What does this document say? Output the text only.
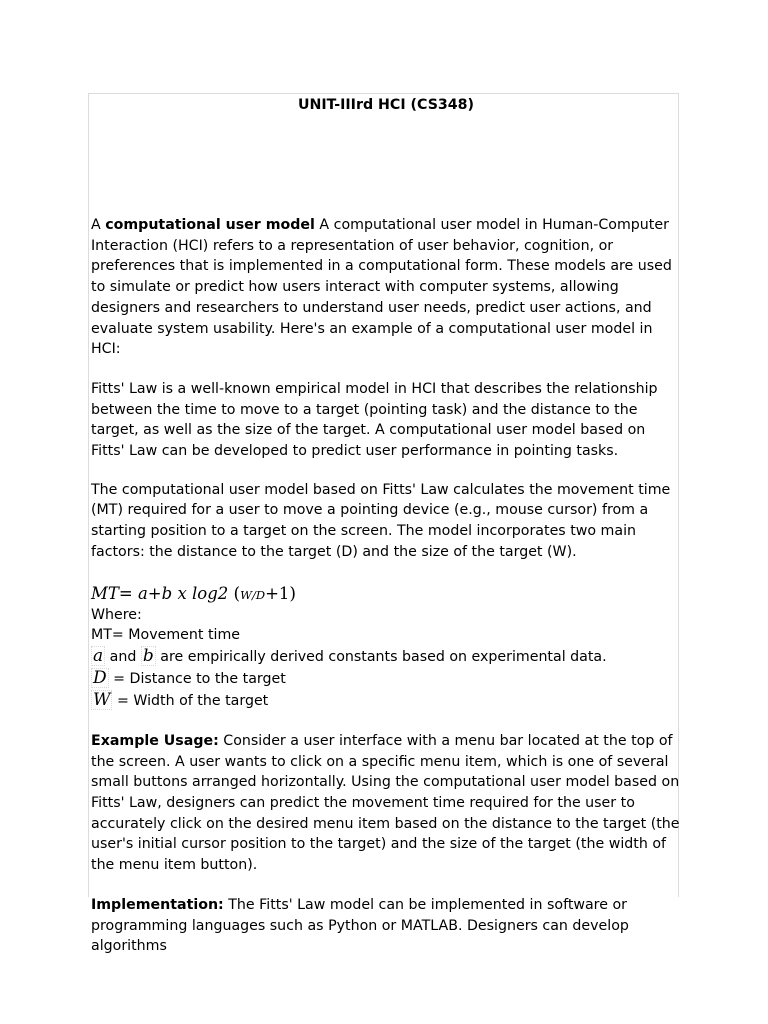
UNIT-IIIrd HCI (CS348)

A computational user model A computational user model in Human-Computer Interaction (HCI) refers to a representation of user behavior, cognition, or preferences that is implemented in a computational form. These models are used to simulate or predict how users interact with computer systems, allowing designers and researchers to understand user needs, predict user actions, and evaluate system usability. Here's an example of a computational user model in HCI:

Fitts' Law is a well-known empirical model in HCI that describes the relationship between the time to move to a target (pointing task) and the distance to the target, as well as the size of the target. A computational user model based on Fitts' Law can be developed to predict user performance in pointing tasks.

The computational user model based on Fitts' Law calculates the movement time (MT) required for a user to move a pointing device (e.g., mouse cursor) from a starting position to a target on the screen. The model incorporates two main factors: the distance to the target (D) and the size of the target (W).

MT= a+b x log2 (W/D+1)
Where:
MT= Movement time
a and b are empirically derived constants based on experimental data.
D = Distance to the target
W = Width of the target

Example Usage: Consider a user interface with a menu bar located at the top of the screen. A user wants to click on a specific menu item, which is one of several small buttons arranged horizontally. Using the computational user model based on Fitts' Law, designers can predict the movement time required for the user to accurately click on the desired menu item based on the distance to the target (the user's initial cursor position to the target) and the size of the target (the width of the menu item button).

Implementation: The Fitts' Law model can be implemented in software or programming languages such as Python or MATLAB. Designers can develop algorithms
